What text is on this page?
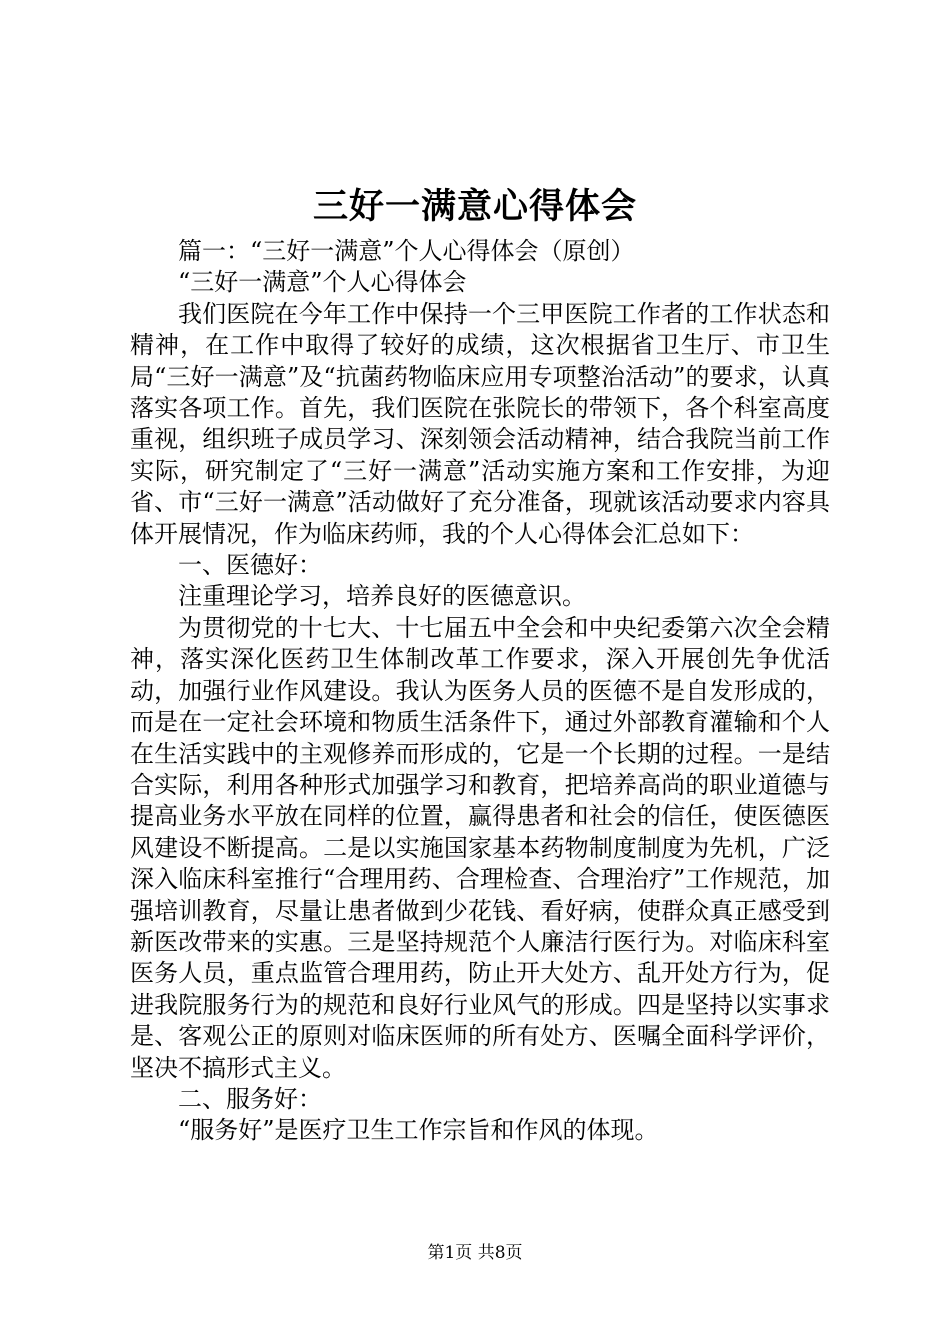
三好一满意心得体会

篇一：“三好一满意”个人心得体会（原创）

“三好一满意”个人心得体会

我们医院在今年工作中保持一个三甲医院工作者的工作状态和精神，在工作中取得了较好的成绩，这次根据省卫生厅、市卫生局“三好一满意”及“抗菌药物临床应用专项整治活动”的要求，认真落实各项工作。首先，我们医院在张院长的带领下，各个科室高度重视，组织班子成员学习、深刻领会活动精神，结合我院当前工作实际，研究制定了“三好一满意”活动实施方案和工作安排，为迎省、市“三好一满意”活动做好了充分准备，现就该活动要求内容具体开展情况，作为临床药师，我的个人心得体会汇总如下：

一、医德好：

注重理论学习，培养良好的医德意识。

为贯彻党的十七大、十七届五中全会和中央纪委第六次全会精神，落实深化医药卫生体制改革工作要求，深入开展创先争优活动，加强行业作风建设。我认为医务人员的医德不是自发形成的，而是在一定社会环境和物质生活条件下，通过外部教育灌输和个人在生活实践中的主观修养而形成的，它是一个长期的过程。一是结合实际，利用各种形式加强学习和教育，把培养高尚的职业道德与提高业务水平放在同样的位置，赢得患者和社会的信任，使医德医风建设不断提高。二是以实施国家基本药物制度制度为先机，广泛深入临床科室推行“合理用药、合理检查、合理治疗”工作规范，加强培训教育，尽量让患者做到少花钱、看好病，使群众真正感受到新医改带来的实惠。三是坚持规范个人廉洁行医行为。对临床科室医务人员，重点监管合理用药，防止开大处方、乱开处方行为，促进我院服务行为的规范和良好行业风气的形成。四是坚持以实事求是、客观公正的原则对临床医师的所有处方、医嘱全面科学评价，坚决不搞形式主义。

二、服务好：

“服务好”是医疗卫生工作宗旨和作风的体现。

第1页 共8页
